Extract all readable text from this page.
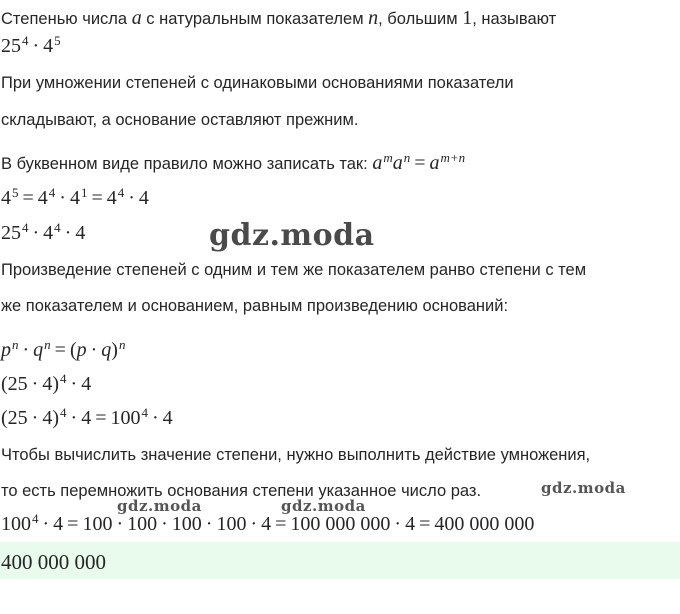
Степенью числа a с натуральным показателем n, большим 1, называют
$25^4 \cdot 4^5$
При умножении степеней с одинаковыми основаниями показатели
складывают, а основание оставляют прежним.
В буквенном виде правило можно записать так: $a^ma^n = a^{m+n}$
$4^5 = 4^4 \cdot 4^1 = 4^4 \cdot 4$
$25^4 \cdot 4^4 \cdot 4$	gdz.moda
Произведение степеней с одним и тем же показателем ранво степени с тем
же показателем и основанием, равным произведению оснований:
$p^n \cdot q^n = (p \cdot q)^n$
$(25 \cdot 4)^4 \cdot 4$
$(25 \cdot 4)^4 \cdot 4 = 100^4 \cdot 4$
Чтобы вычислить значение степени, нужно выполнить действие умножения,
то есть перемножить основания степени указанное число раз.	gdz.moda
gdz.moda	gdz.moda
$100^4 \cdot 4 = 100 \cdot 100 \cdot 100 \cdot 100 \cdot 4 = 100$ 000 000 · 4 = 400 000 000
400 000 000
